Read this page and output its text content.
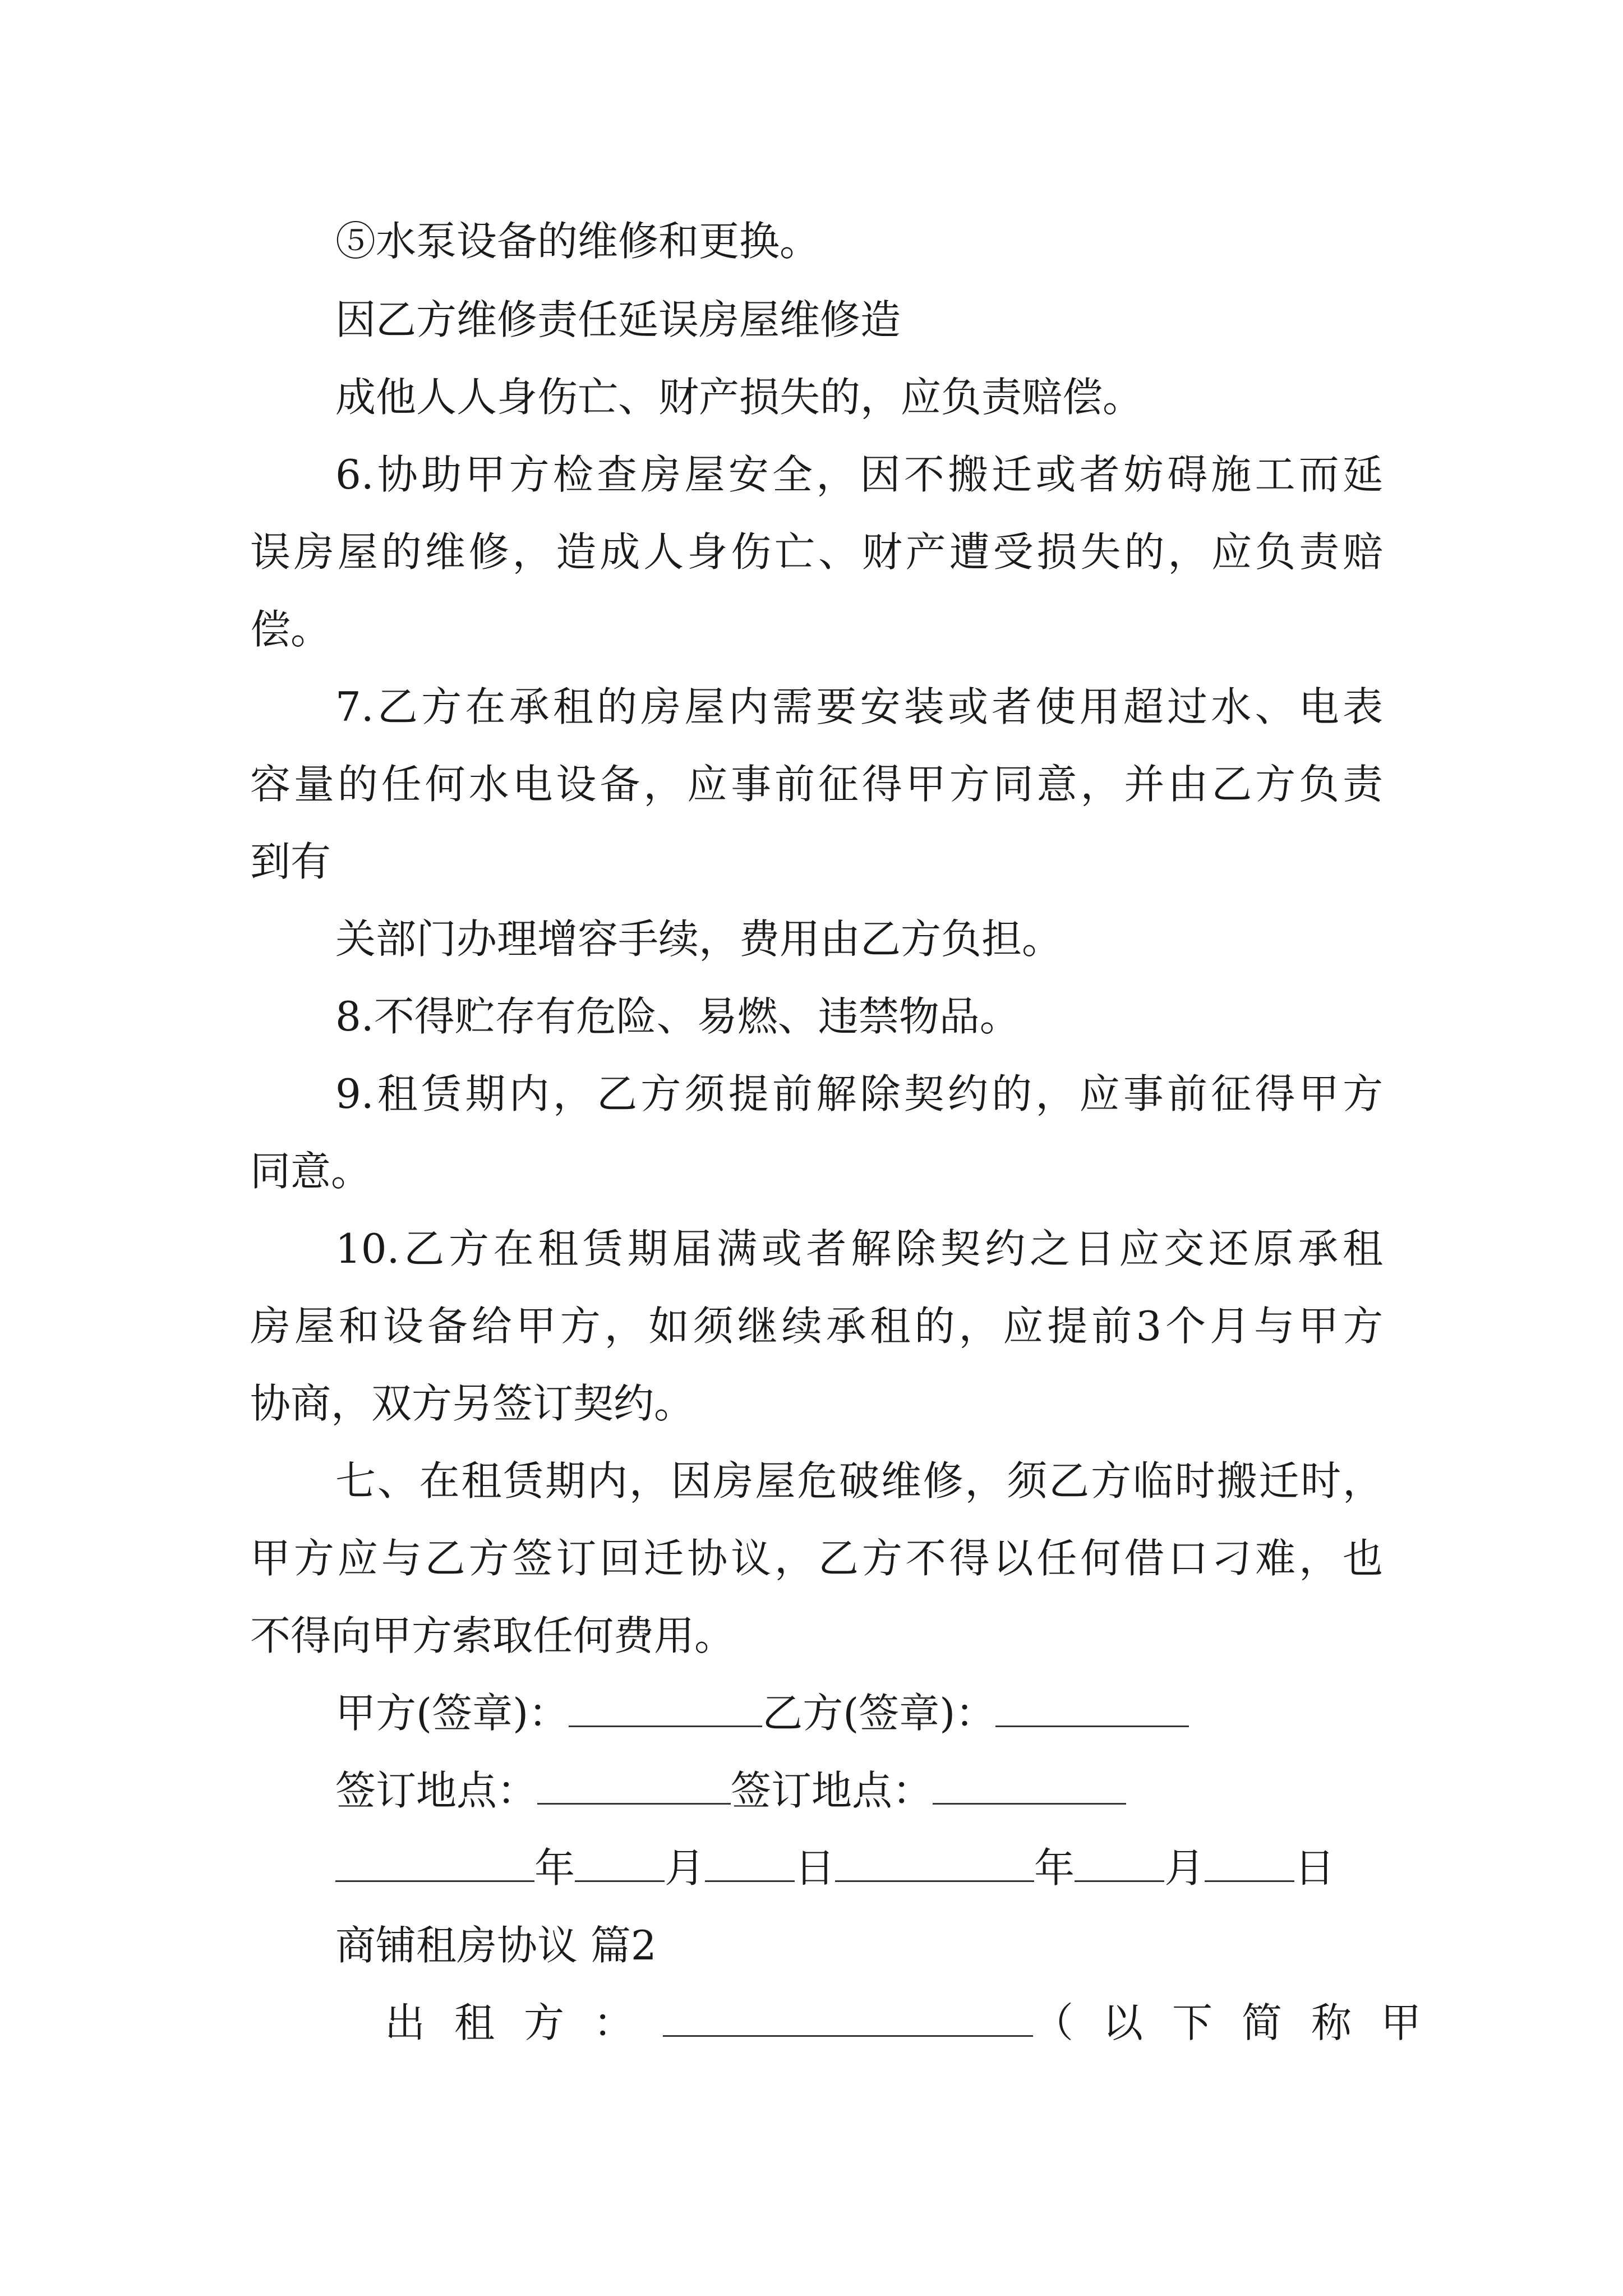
⑤水泵设备的维修和更换。
因乙方维修责任延误房屋维修造
成他人人身伤亡、财产损失的，应负责赔偿。
6.协助甲方检查房屋安全，因不搬迁或者妨碍施工而延
误房屋的维修，造成人身伤亡、财产遭受损失的，应负责赔
偿。
7.乙方在承租的房屋内需要安装或者使用超过水、电表
容量的任何水电设备，应事前征得甲方同意，并由乙方负责
到有
关部门办理增容手续，费用由乙方负担。
8.不得贮存有危险、易燃、违禁物品。
9.租赁期内，乙方须提前解除契约的，应事前征得甲方
同意。
10.乙方在租赁期届满或者解除契约之日应交还原承租
房屋和设备给甲方，如须继续承租的，应提前3个月与甲方
协商，双方另签订契约。
七、在租赁期内，因房屋危破维修，须乙方临时搬迁时，
甲方应与乙方签订回迁协议，乙方不得以任何借口刁难，也
不得向甲方索取任何费用。
甲方(签章)：	乙方(签章)：
签订地点：	签订地点：
年 月 日	年 月 日
商铺租房协议 篇2
出租方：	（以下简称甲
